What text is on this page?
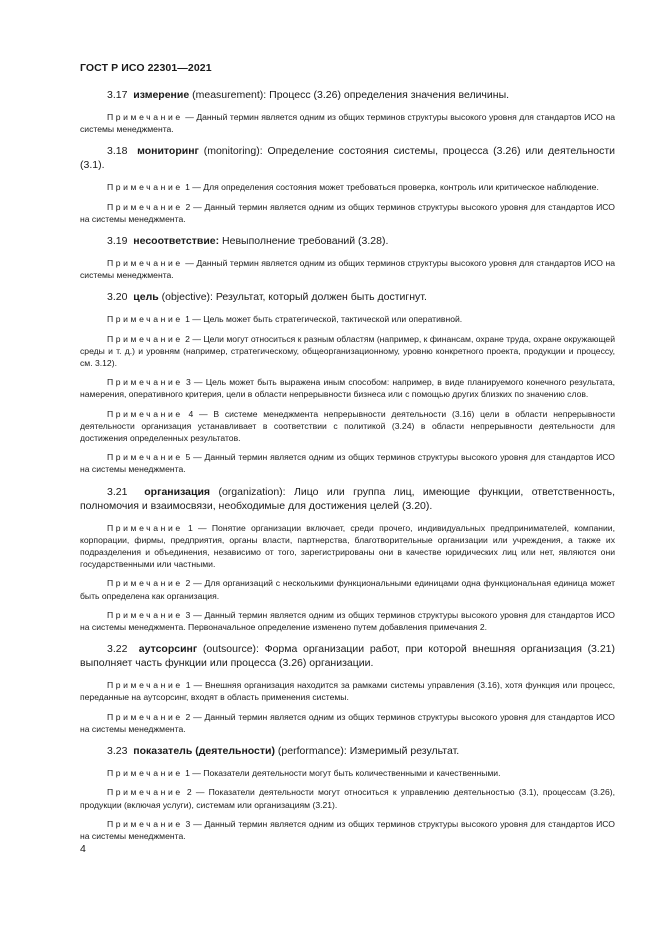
ГОСТ Р ИСО 22301—2021

3.17 измерение (measurement): Процесс (3.26) определения значения величины.

Примечание — Данный термин является одним из общих терминов структуры высокого уровня для стандартов ИСО на системы менеджмента.

3.18 мониторинг (monitoring): Определение состояния системы, процесса (3.26) или деятельности (3.1).

Примечание 1 — Для определения состояния может требоваться проверка, контроль или критическое наблюдение.

Примечание 2 — Данный термин является одним из общих терминов структуры высокого уровня для стандартов ИСО на системы менеджмента.

3.19 несоответствие: Невыполнение требований (3.28).

Примечание — Данный термин является одним из общих терминов структуры высокого уровня для стандартов ИСО на системы менеджмента.

3.20 цель (objective): Результат, который должен быть достигнут.

Примечание 1 — Цель может быть стратегической, тактической или оперативной.

Примечание 2 — Цели могут относиться к разным областям (например, к финансам, охране труда, охране окружающей среды и т. д.) и уровням (например, стратегическому, общеорганизационному, уровню конкретного проекта, продукции и процессу, см. 3.12).

Примечание 3 — Цель может быть выражена иным способом: например, в виде планируемого конечного результата, намерения, оперативного критерия, цели в области непрерывности бизнеса или с помощью других близких по значению слов.

Примечание 4 — В системе менеджмента непрерывности деятельности (3.16) цели в области непрерывности деятельности организация устанавливает в соответствии с политикой (3.24) в области непрерывности деятельности для достижения определенных результатов.

Примечание 5 — Данный термин является одним из общих терминов структуры высокого уровня для стандартов ИСО на системы менеджмента.

3.21 организация (organization): Лицо или группа лиц, имеющие функции, ответственность, полномочия и взаимосвязи, необходимые для достижения целей (3.20).

Примечание 1 — Понятие организации включает, среди прочего, индивидуальных предпринимателей, компании, корпорации, фирмы, предприятия, органы власти, партнерства, благотворительные организации или учреждения, а также их подразделения и объединения, независимо от того, зарегистрированы они в качестве юридических лиц или нет, являются они государственными или частными.

Примечание 2 — Для организаций с несколькими функциональными единицами одна функциональная единица может быть определена как организация.

Примечание 3 — Данный термин является одним из общих терминов структуры высокого уровня для стандартов ИСО на системы менеджмента. Первоначальное определение изменено путем добавления примечания 2.

3.22 аутсорсинг (outsource): Форма организации работ, при которой внешняя организация (3.21) выполняет часть функции или процесса (3.26) организации.

Примечание 1 — Внешняя организация находится за рамками системы управления (3.16), хотя функция или процесс, переданные на аутсорсинг, входят в область применения системы.

Примечание 2 — Данный термин является одним из общих терминов структуры высокого уровня для стандартов ИСО на системы менеджмента.

3.23 показатель (деятельности) (performance): Измеримый результат.

Примечание 1 — Показатели деятельности могут быть количественными и качественными.

Примечание 2 — Показатели деятельности могут относиться к управлению деятельностью (3.1), процессам (3.26), продукции (включая услуги), системам или организациям (3.21).

Примечание 3 — Данный термин является одним из общих терминов структуры высокого уровня для стандартов ИСО на системы менеджмента.

4
